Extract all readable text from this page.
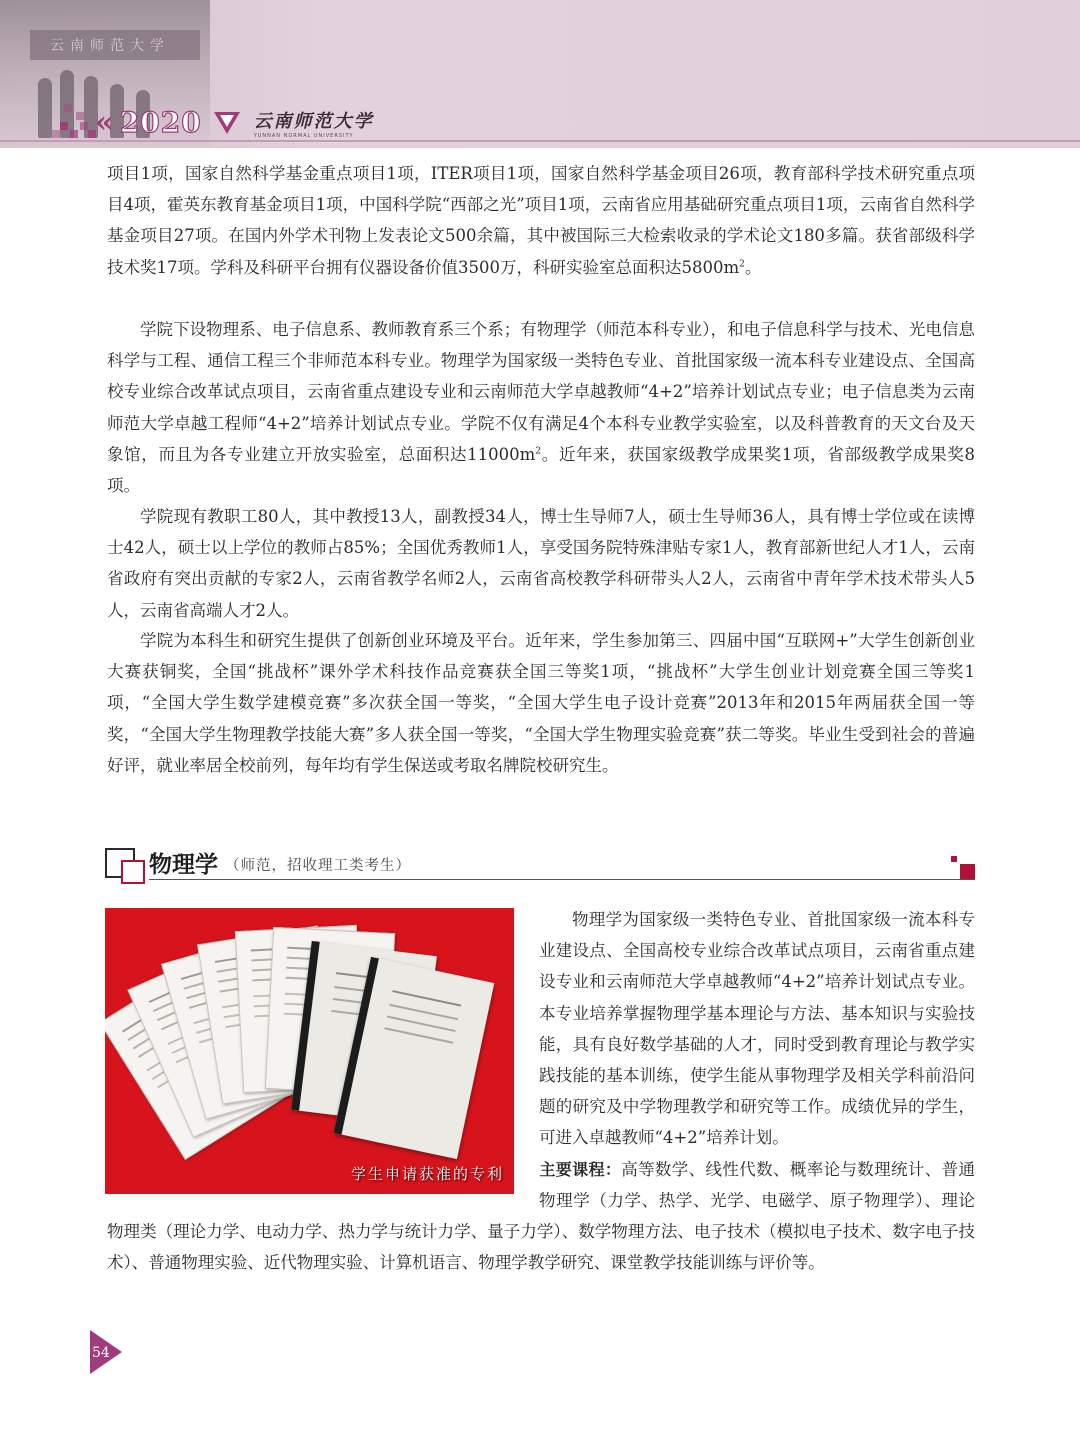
云南师范大学
« 2020	云南师范大学
YUNNAN NORMAL UNIVERSITY

项目1项，国家自然科学基金重点项目1项，ITER项目1项，国家自然科学基金项目26项，教育部科学技术研究重点项目4项，霍英东教育基金项目1项，中国科学院“西部之光”项目1项，云南省应用基础研究重点项目1项，云南省自然科学基金项目27项。在国内外学术刊物上发表论文500余篇，其中被国际三大检索收录的学术论文180多篇。获省部级科学技术奖17项。学科及科研平台拥有仪器设备价值3500万，科研实验室总面积达$5800m^2$。

学院下设物理系、电子信息系、教师教育系三个系；有物理学（师范本科专业），和电子信息科学与技术、光电信息科学与工程、通信工程三个非师范本科专业。物理学为国家级一类特色专业、首批国家级一流本科专业建设点、全国高校专业综合改革试点项目，云南省重点建设专业和云南师范大学卓越教师“4+2”培养计划试点专业；电子信息类为云南师范大学卓越工程师“4+2”培养计划试点专业。学院不仅有满足4个本科专业教学实验室，以及科普教育的天文台及天象馆，而且为各专业建立开放实验室，总面积达$11000m^2$。近年来，获国家级教学成果奖1项，省部级教学成果奖8项。

学院现有教职工80人，其中教授13人，副教授34人，博士生导师7人，硕士生导师36人，具有博士学位或在读博士42人，硕士以上学位的教师占85%；全国优秀教师1人，享受国务院特殊津贴专家1人，教育部新世纪人才1人，云南省政府有突出贡献的专家2人，云南省教学名师2人，云南省高校教学科研带头人2人，云南省中青年学术技术带头人5人，云南省高端人才2人。

学院为本科生和研究生提供了创新创业环境及平台。近年来，学生参加第三、四届中国“互联网+”大学生创新创业大赛获铜奖，全国“挑战杯”课外学术科技作品竞赛获全国三等奖1项，“挑战杯”大学生创业计划竞赛全国三等奖1项，“全国大学生数学建模竞赛”多次获全国一等奖，“全国大学生电子设计竞赛”2013年和2015年两届获全国一等奖，“全国大学生物理教学技能大赛”多人获全国一等奖，“全国大学生物理实验竞赛”获二等奖。毕业生受到社会的普遍好评，就业率居全校前列，每年均有学生保送或考取名牌院校研究生。

物理学 （师范，招收理工类考生）
学生申请获准的专利

物理学为国家级一类特色专业、首批国家级一流本科专业建设点、全国高校专业综合改革试点项目，云南省重点建设专业和云南师范大学卓越教师“4+2”培养计划试点专业。本专业培养掌握物理学基本理论与方法、基本知识与实验技能，具有良好数学基础的人才，同时受到教育理论与教学实践技能的基本训练，使学生能从事物理学及相关学科前沿问题的研究及中学物理教学和研究等工作。成绩优异的学生，可进入卓越教师“4+2”培养计划。
主要课程：高等数学、线性代数、概率论与数理统计、普通物理学（力学、热学、光学、电磁学、原子物理学）、理论物理类（理论力学、电动力学、热力学与统计力学、量子力学）、数学物理方法、电子技术（模拟电子技术、数字电子技术）、普通物理实验、近代物理实验、计算机语言、物理学教学研究、课堂教学技能训练与评价等。

54
